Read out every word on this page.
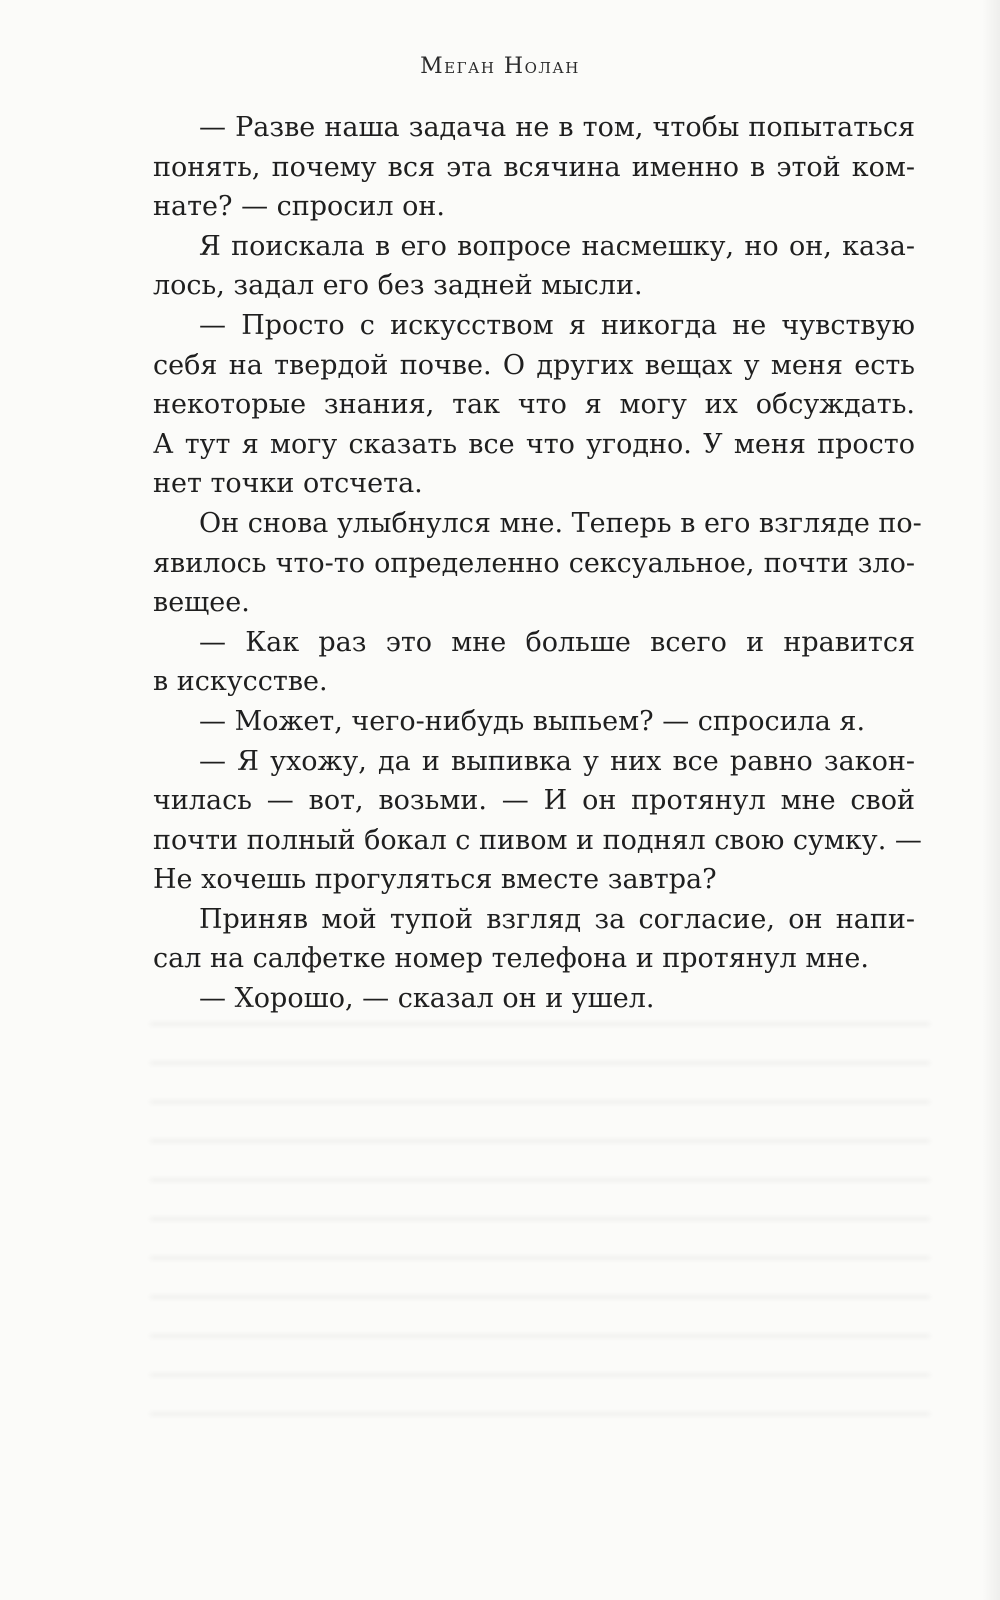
Меган Нолан
— Разве наша задача не в том, чтобы попытаться
понять, почему вся эта всячина именно в этой ком-
нате? — спросил он.
Я поискала в его вопросе насмешку, но он, каза-
лось, задал его без задней мысли.
— Просто с искусством я никогда не чувствую
себя на твердой почве. О других вещах у меня есть
некоторые знания, так что я могу их обсуждать.
А тут я могу сказать все что угодно. У меня просто
нет точки отсчета.
Он снова улыбнулся мне. Теперь в его взгляде по-
явилось что-то определенно сексуальное, почти зло-
вещее.
— Как раз это мне больше всего и нравится
в искусстве.
— Может, чего-нибудь выпьем? — спросила я.
— Я ухожу, да и выпивка у них все равно закон-
чилась — вот, возьми. — И он протянул мне свой
почти полный бокал с пивом и поднял свою сумку. —
Не хочешь прогуляться вместе завтра?
Приняв мой тупой взгляд за согласие, он напи-
сал на салфетке номер телефона и протянул мне.
— Хорошо, — сказал он и ушел.
